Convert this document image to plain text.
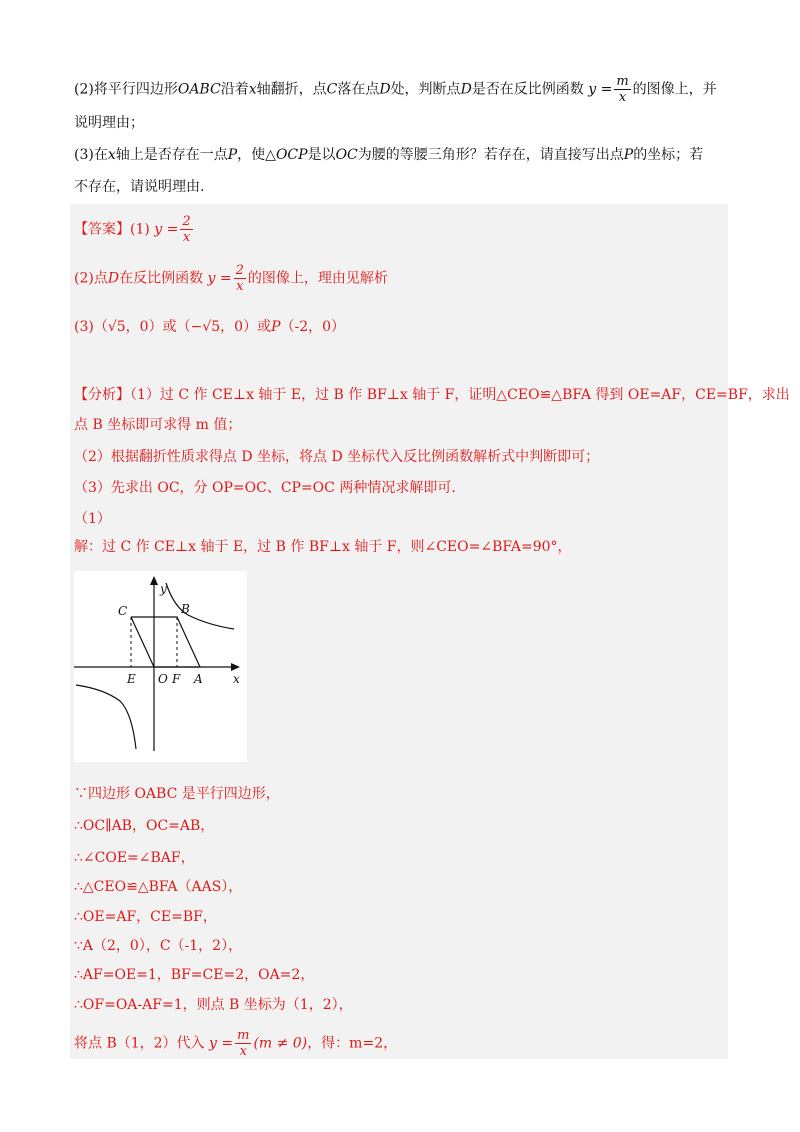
(2)将平行四边形OABC沿着x轴翻折，点C落在点D处，判断点D是否在反比例函数 $y = \frac{m}{x}$ 的图像上，并
说明理由；
(3)在x轴上是否存在一点P，使△OCP是以OC为腰的等腰三角形？若存在，请直接写出点P的坐标；若
不存在，请说明理由.
【答案】(1) $y = \frac{2}{x}$
(2)点D在反比例函数 $y = \frac{2}{x}$ 的图像上，理由见解析
(3)（√5，0）或（−√5，0）或P（-2，0）
【分析】（1）过 C 作 CE⊥x 轴于 E，过 B 作 BF⊥x 轴于 F，证明△CEO≌△BFA 得到 OE=AF，CE=BF，求出
点 B 坐标即可求得 m 值；
（2）根据翻折性质求得点 D 坐标，将点 D 坐标代入反比例函数解析式中判断即可；
（3）先求出 OC，分 OP=OC、CP=OC 两种情况求解即可.
（1）
解：过 C 作 CE⊥x 轴于 E，过 B 作 BF⊥x 轴于 F，则∠CEO=∠BFA=90°，
y
x
C	B
E O F A
∵四边形 OABC 是平行四边形，
∴OC∥AB，OC=AB，
∴∠COE=∠BAF，
∴△CEO≌△BFA（AAS），
∴OE=AF，CE=BF，
∵A（2，0），C（-1，2），
∴AF=OE=1，BF=CE=2，OA=2，
∴OF=OA-AF=1，则点 B 坐标为（1，2），
将点 B（1，2）代入 $y = \frac{m}{x} (m \ne 0)$，得：m=2，
